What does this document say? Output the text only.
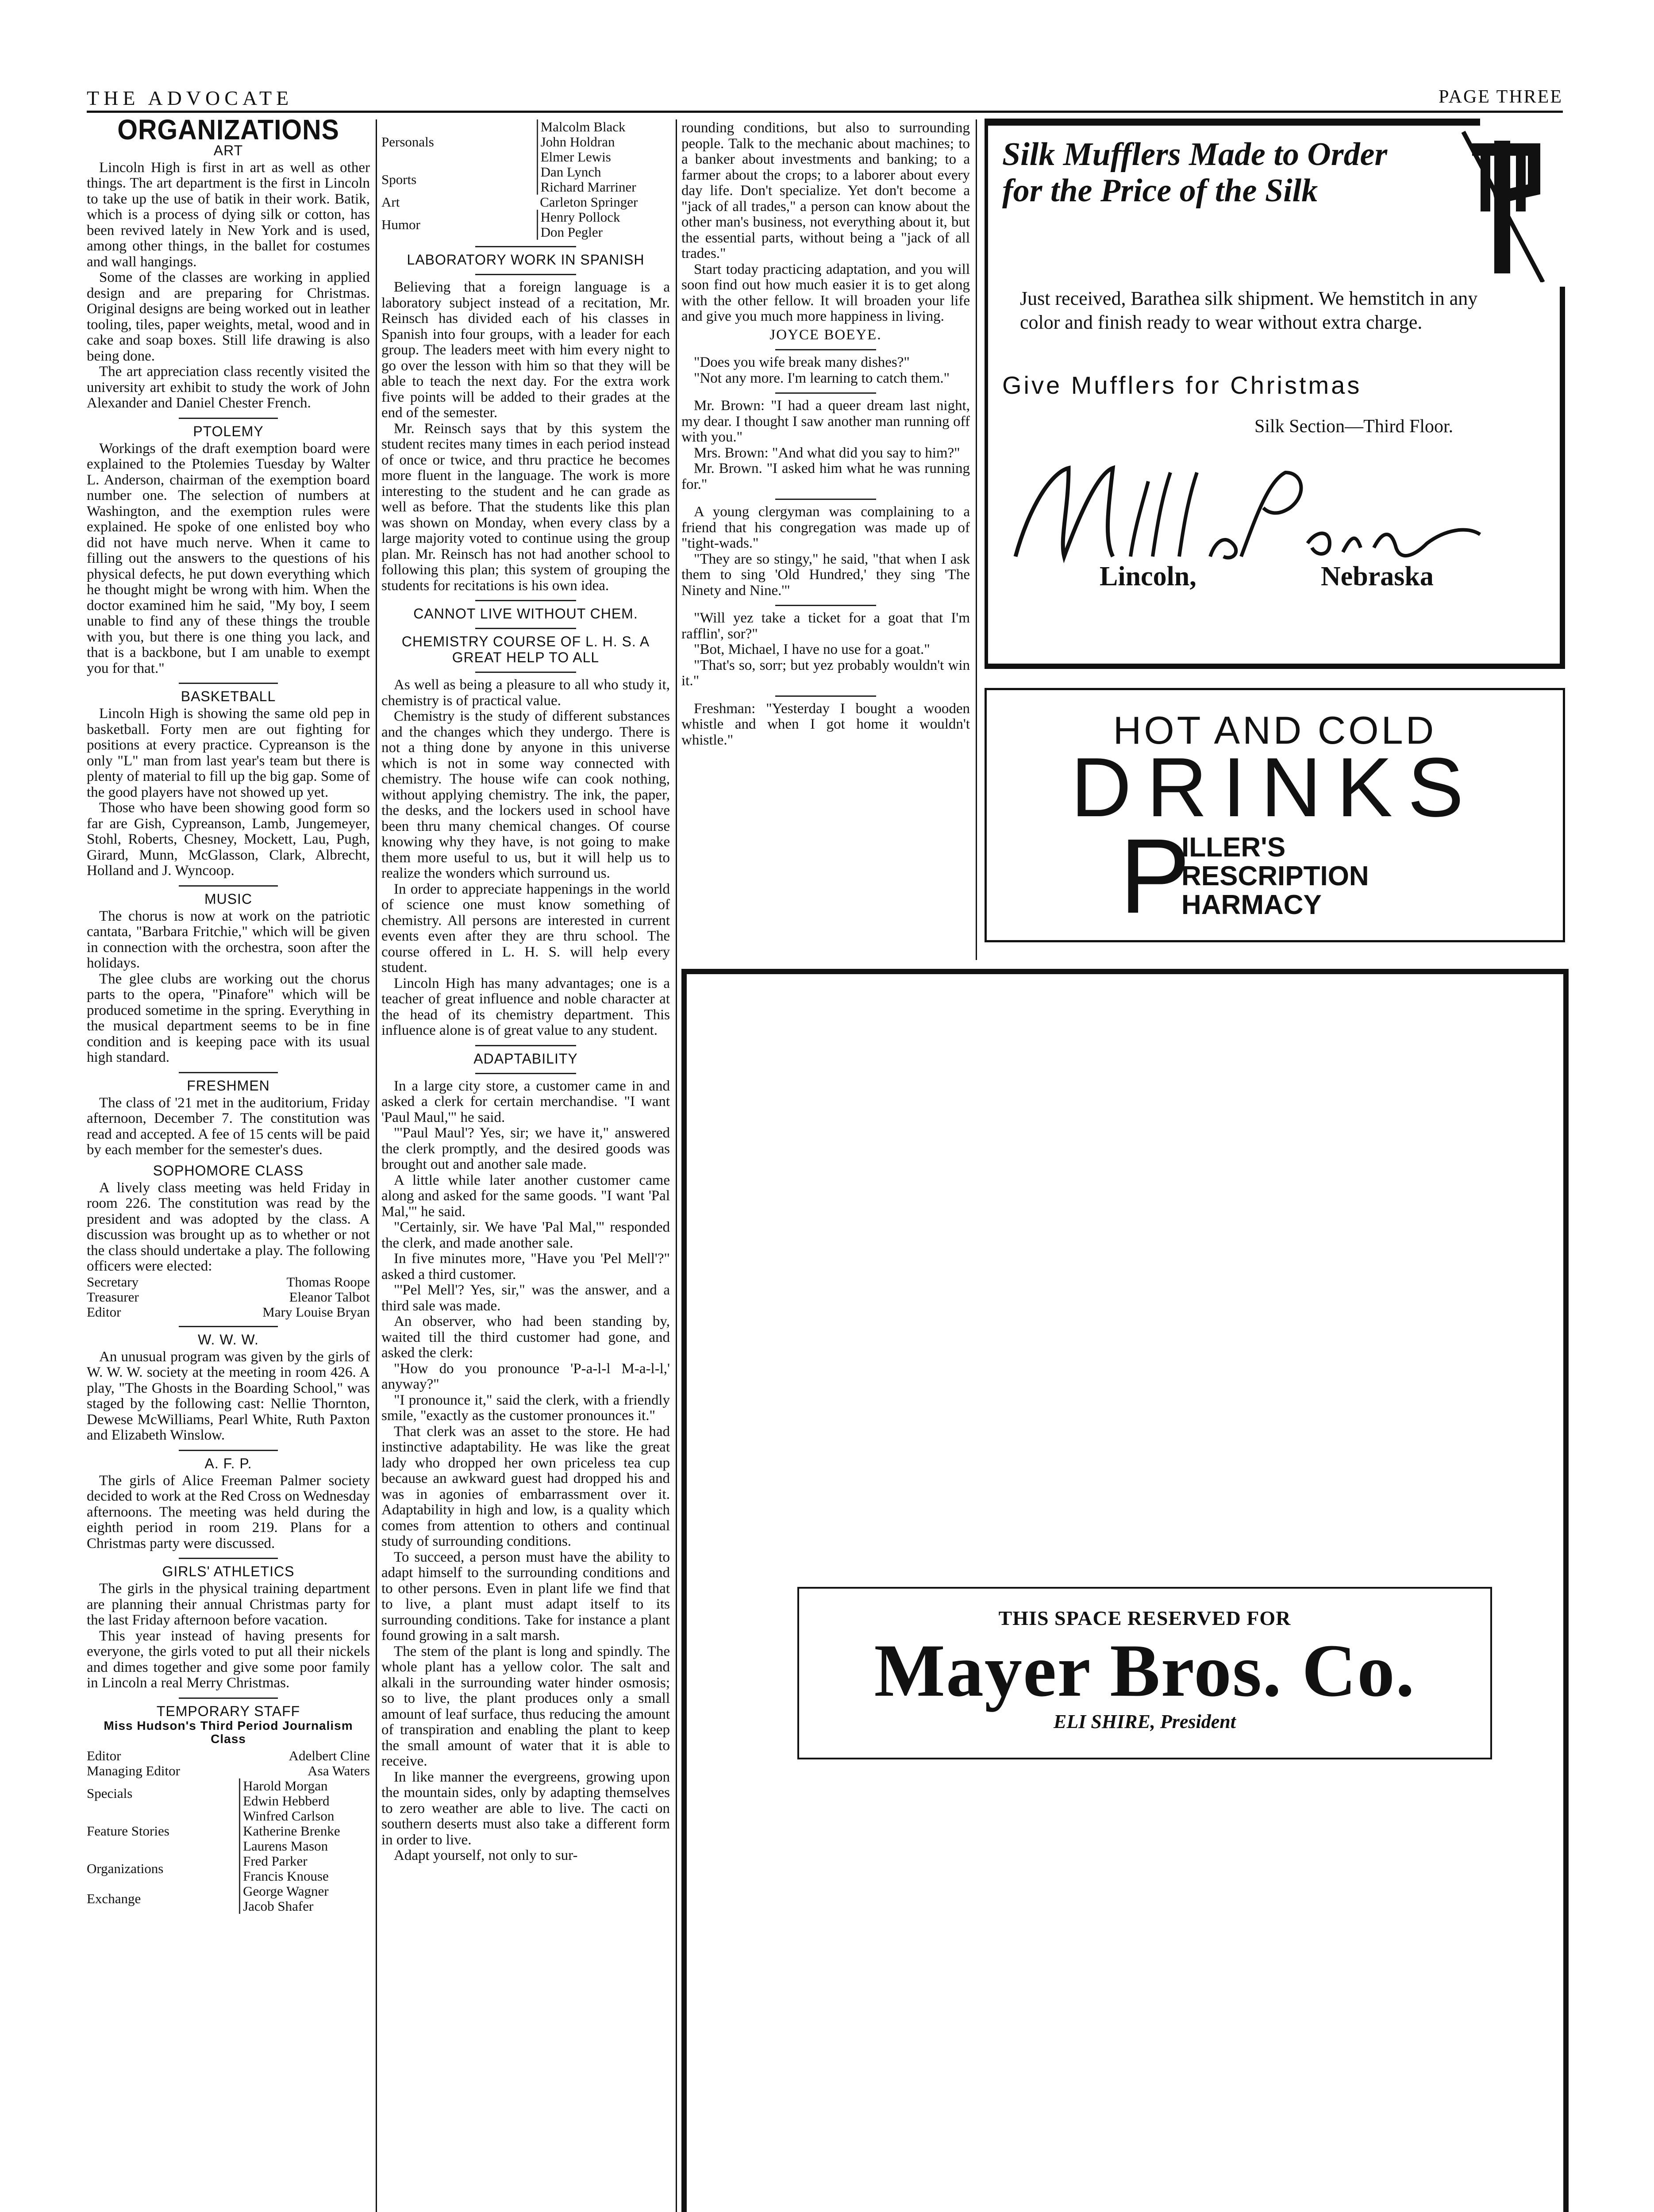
THE ADVOCATE	PAGE THREE
ORGANIZATIONS
ART

Lincoln High is first in art as well as other things. The art department is the first in Lincoln to take up the use of batik in their work. Batik, which is a process of dying silk or cotton, has been revived lately in New York and is used, among other things, in the ballet for costumes and wall hangings.

Some of the classes are working in applied design and are preparing for Christmas. Original designs are being worked out in leather tooling, tiles, paper weights, metal, wood and in cake and soap boxes. Still life drawing is also being done.

The art appreciation class recently visited the university art exhibit to study the work of John Alexander and Daniel Chester French.

PTOLEMY

Workings of the draft exemption board were explained to the Ptolemies Tuesday by Walter L. Anderson, chairman of the exemption board number one. The selection of numbers at Washington, and the exemption rules were explained. He spoke of one enlisted boy who did not have much nerve. When it came to filling out the answers to the questions of his physical defects, he put down everything which he thought might be wrong with him. When the doctor examined him he said, "My boy, I seem unable to find any of these things the trouble with you, but there is one thing you lack, and that is a backbone, but I am unable to exempt you for that."

BASKETBALL

Lincoln High is showing the same old pep in basketball. Forty men are out fighting for positions at every practice. Cypreanson is the only "L" man from last year's team but there is plenty of material to fill up the big gap. Some of the good players have not showed up yet.

Those who have been showing good form so far are Gish, Cypreanson, Lamb, Jungemeyer, Stohl, Roberts, Chesney, Mockett, Lau, Pugh, Girard, Munn, McGlasson, Clark, Albrecht, Holland and J. Wyncoop.

MUSIC

The chorus is now at work on the patriotic cantata, "Barbara Fritchie," which will be given in connection with the orchestra, soon after the holidays.

The glee clubs are working out the chorus parts to the opera, "Pinafore" which will be produced sometime in the spring. Everything in the musical department seems to be in fine condition and is keeping pace with its usual high standard.

FRESHMEN

The class of '21 met in the auditorium, Friday afternoon, December 7. The constitution was read and accepted. A fee of 15 cents will be paid by each member for the semester's dues.

SOPHOMORE CLASS

A lively class meeting was held Friday in room 226. The constitution was read by the president and was adopted by the class. A discussion was brought up as to whether or not the class should undertake a play. The following officers were elected:

Secretary	Thomas Roope
Treasurer	Eleanor Talbot
Editor	Mary Louise Bryan
W. W. W.

An unusual program was given by the girls of W. W. W. society at the meeting in room 426. A play, "The Ghosts in the Boarding School," was staged by the following cast: Nellie Thornton, Dewese McWilliams, Pearl White, Ruth Paxton and Elizabeth Winslow.

A. F. P.

The girls of Alice Freeman Palmer society decided to work at the Red Cross on Wednesday afternoons. The meeting was held during the eighth period in room 219. Plans for a Christmas party were discussed.

GIRLS' ATHLETICS

The girls in the physical training department are planning their annual Christmas party for the last Friday afternoon before vacation.

This year instead of having presents for everyone, the girls voted to put all their nickels and dimes together and give some poor family in Lincoln a real Merry Christmas.

TEMPORARY STAFF
Miss Hudson's Third Period Journalism Class
Editor	Adelbert Cline
Managing Editor	Asa Waters
Specials	Harold Morgan
Edwin Hebberd

Feature Stories	Winfred Carlson
Katherine Brenke
Laurens Mason

Organizations	Fred Parker
Francis Knouse

Exchange	George Wagner
Jacob Shafer
Personals	Malcolm Black
John Holdran
Elmer Lewis

Sports	Dan Lynch
Richard Marriner

Art	Carleton Springer
Humor	Henry Pollock
Don Pegler
LABORATORY WORK IN SPANISH

Believing that a foreign language is a laboratory subject instead of a recitation, Mr. Reinsch has divided each of his classes in Spanish into four groups, with a leader for each group. The leaders meet with him every night to go over the lesson with him so that they will be able to teach the next day. For the extra work five points will be added to their grades at the end of the semester.

Mr. Reinsch says that by this system the student recites many times in each period instead of once or twice, and thru practice he becomes more fluent in the language. The work is more interesting to the student and he can grade as well as before. That the students like this plan was shown on Monday, when every class by a large majority voted to continue using the group plan. Mr. Reinsch has not had another school to following this plan; this system of grouping the students for recitations is his own idea.

CANNOT LIVE WITHOUT CHEM.
CHEMISTRY COURSE OF L. H. S. A GREAT HELP TO ALL

As well as being a pleasure to all who study it, chemistry is of practical value.

Chemistry is the study of different substances and the changes which they undergo. There is not a thing done by anyone in this universe which is not in some way connected with chemistry. The house wife can cook nothing, without applying chemistry. The ink, the paper, the desks, and the lockers used in school have been thru many chemical changes. Of course knowing why they have, is not going to make them more useful to us, but it will help us to realize the wonders which surround us.

In order to appreciate happenings in the world of science one must know something of chemistry. All persons are interested in current events even after they are thru school. The course offered in L. H. S. will help every student.

Lincoln High has many advantages; one is a teacher of great influence and noble character at the head of its chemistry department. This influence alone is of great value to any student.

ADAPTABILITY

In a large city store, a customer came in and asked a clerk for certain merchandise. "I want 'Paul Maul,'" he said.

"'Paul Maul'? Yes, sir; we have it," answered the clerk promptly, and the desired goods was brought out and another sale made.

A little while later another customer came along and asked for the same goods. "I want 'Pal Mal,'" he said.

"Certainly, sir. We have 'Pal Mal,'" responded the clerk, and made another sale.

In five minutes more, "Have you 'Pel Mell'?" asked a third customer.

"'Pel Mell'? Yes, sir," was the answer, and a third sale was made.

An observer, who had been standing by, waited till the third customer had gone, and asked the clerk:

"How do you pronounce 'P-a-l-l M-a-l-l,' anyway?"

"I pronounce it," said the clerk, with a friendly smile, "exactly as the customer pronounces it."

That clerk was an asset to the store. He had instinctive adaptability. He was like the great lady who dropped her own priceless tea cup because an awkward guest had dropped his and was in agonies of embarrassment over it. Adaptability in high and low, is a quality which comes from attention to others and continual study of surrounding conditions.

To succeed, a person must have the ability to adapt himself to the surrounding conditions and to other persons. Even in plant life we find that to live, a plant must adapt itself to its surrounding conditions. Take for instance a plant found growing in a salt marsh.

The stem of the plant is long and spindly. The whole plant has a yellow color. The salt and alkali in the surrounding water hinder osmosis; so to live, the plant produces only a small amount of leaf surface, thus reducing the amount of transpiration and enabling the plant to keep the small amount of water that it is able to receive.

In like manner the evergreens, growing upon the mountain sides, only by adapting themselves to zero weather are able to live. The cacti on southern deserts must also take a different form in order to live.

Adapt yourself, not only to sur-

rounding conditions, but also to surrounding people. Talk to the mechanic about machines; to a banker about investments and banking; to a farmer about the crops; to a laborer about every day life. Don't specialize. Yet don't become a "jack of all trades," a person can know about the other man's business, not everything about it, but the essential parts, without being a "jack of all trades."

Start today practicing adaptation, and you will soon find out how much easier it is to get along with the other fellow. It will broaden your life and give you much more happiness in living.

JOYCE BOEYE.

"Does you wife break many dishes?"

"Not any more. I'm learning to catch them."

Mr. Brown: "I had a queer dream last night, my dear. I thought I saw another man running off with you."

Mrs. Brown: "And what did you say to him?"

Mr. Brown. "I asked him what he was running for."

A young clergyman was complaining to a friend that his congregation was made up of "tight-wads."

"They are so stingy," he said, "that when I ask them to sing 'Old Hundred,' they sing 'The Ninety and Nine.'"

"Will yez take a ticket for a goat that I'm rafflin', sor?"

"Bot, Michael, I have no use for a goat."

"That's so, sorr; but yez probably wouldn't win it."

Freshman: "Yesterday I bought a wooden whistle and when I got home it wouldn't whistle."

Silk Mufflers Made to Order for the Price of the Silk
Just received, Barathea silk shipment. We hemstitch in any color and finish ready to wear without extra charge.
Give Mufflers for Christmas
Silk Section—Third Floor.
Lincoln,	Nebraska
HOT AND COLD
DRINKS
P
ILLER'S
RESCRIPTION
HARMACY
THIS SPACE RESERVED FOR
Mayer Bros. Co.
ELI SHIRE, President
